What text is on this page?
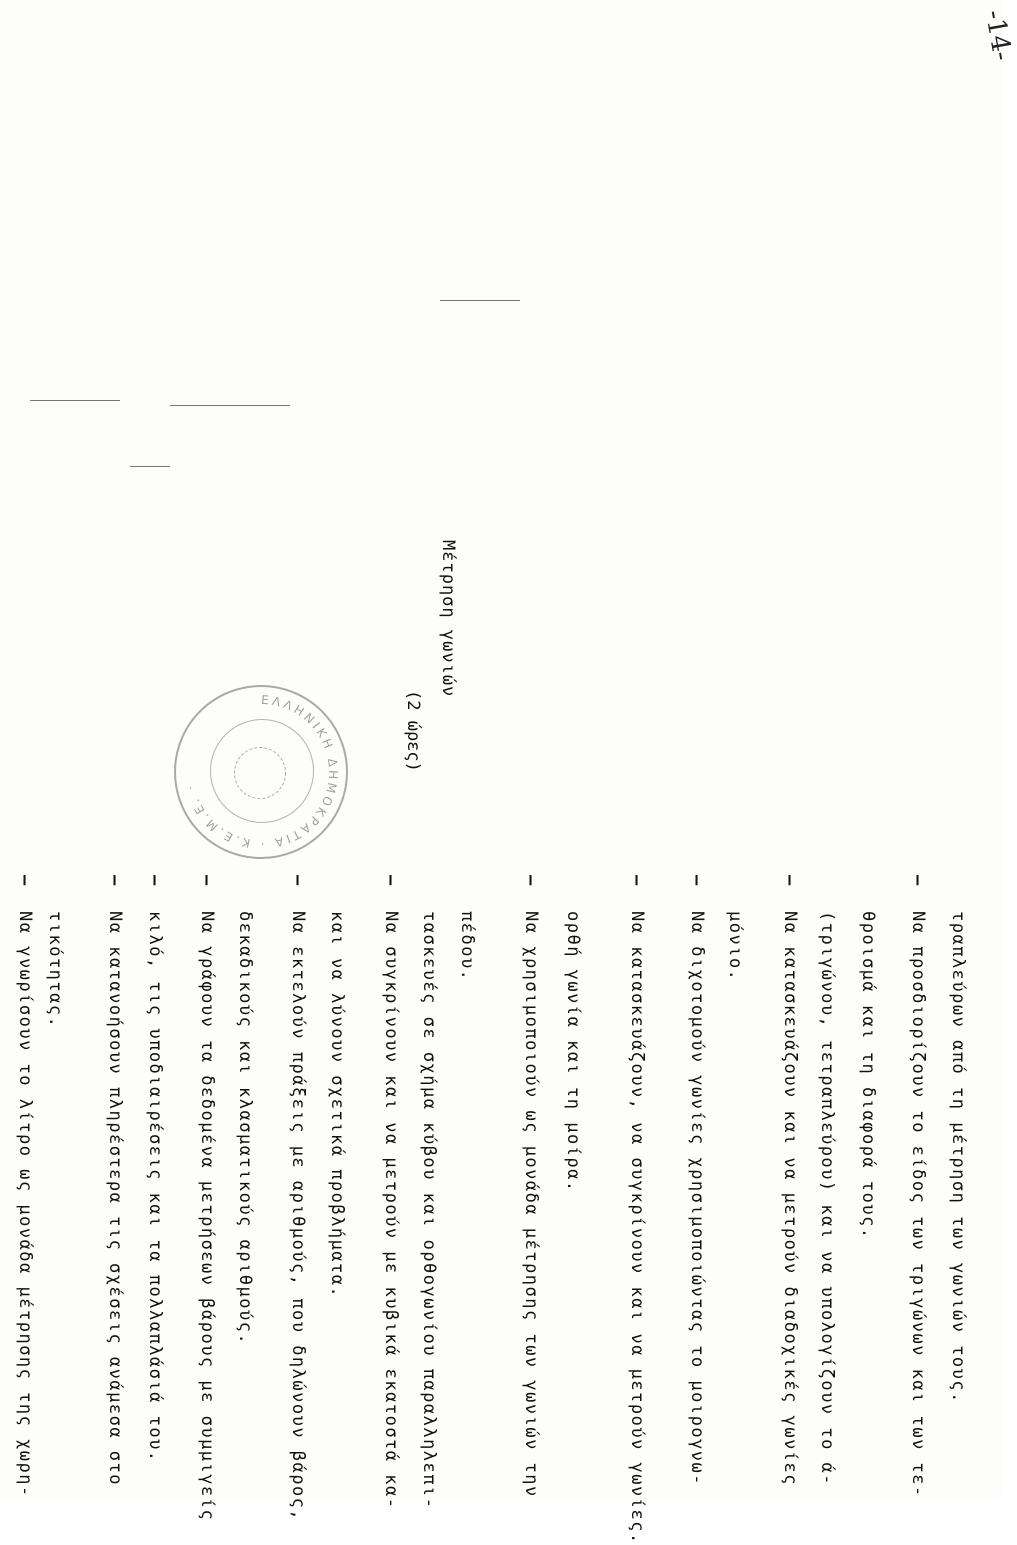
-14-
Μέτρηση γωνιών
(2 ώρες)
ΕΛΛΗΝΙΚΗ ΔΗΜΟΚΡΑΤΙΑ · Κ.Ε.Μ.Ε. ·
–Να γνωρίσουν το λίτρο ως μονάδα μέτρησης της χωρη- τικότητας.
–Να κατανοήσουν πληρέστερα τις σχέσεις ανάμεσα στο
–κιλό, τις υποδιαιρέσεις και τα πολλαπλάσιά του.
–Να γράφουν τα δεδομένα μετρήσεων βάρους με συμμιγείς δεκαδικούς και κλασματικούς αριθμούς.
–Να εκτελούν πράξεις με αριθμούς, που δηλώνουν βάρος, και να λύνουν σχετικά προβλήματα.
–Να συγκρίνουν και να μετρούν με κυβικά εκατοστά κα- τασκευές σε σχήμα κύβου και ορθογωνίου παραλληλεπι- πέδου.
–Να χρησιμοποιούν ως μονάδα μέτρησης των γωνιών την ορθή γωνία και τη μοίρα.
–Να κατασκευάζουν, να συγκρίνουν και να μετρούν γωνίες.
–Να διχοτομούν γωνίες χρησιμοποιώντας το μοιρογνω- μόνιο.
–Να κατασκευάζουν και να μετρούν διαδοχικές γωνίες (τριγώνου, τετραπλεύρου) και να υπολογίζουν το ά- θροισμά και τη διαφορά τους.
–Να προσδιορίζουν το είδος των τριγώνων και των τε- τραπλεύρων από τη μέτρηση των γωνιών τους.
